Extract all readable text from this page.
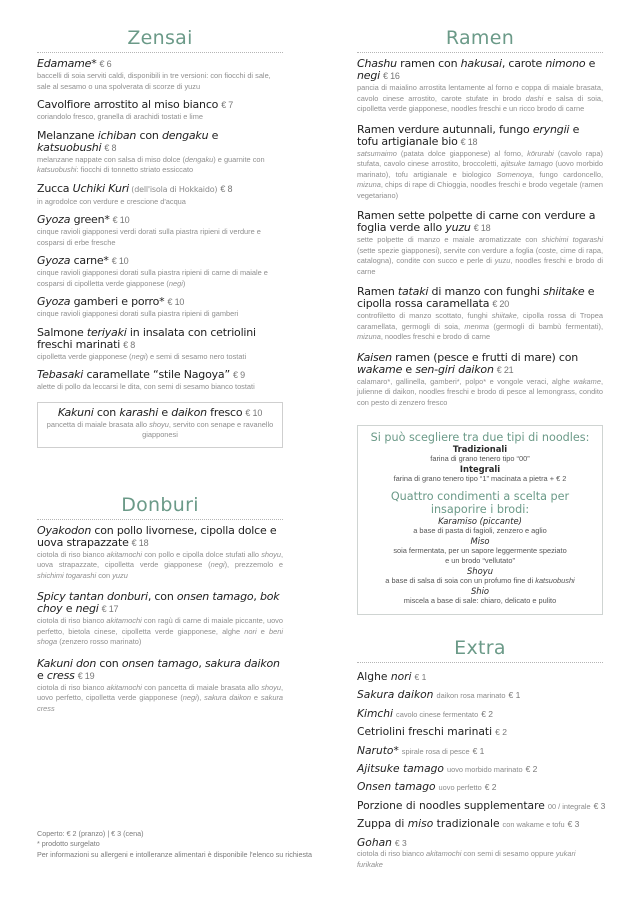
Zensai
Edamame* € 6
baccelli di soia serviti caldi, disponibili in tre versioni: con fiocchi di sale, sale al sesamo o una spolverata di scorze di yuzu
Cavolfiore arrostito al miso bianco € 7
coriandolo fresco, granella di arachidi tostati e lime
Melanzane ichiban con dengaku e katsuobushi € 8
melanzane nappate con salsa di miso dolce (dengaku) e guarnite con katsuobushi: fiocchi di tonnetto striato essiccato
Zucca Uchiki Kuri (dell'isola di Hokkaido) € 8
in agrodolce con verdure e crescione d'acqua
Gyoza green* € 10
cinque ravioli giapponesi verdi dorati sulla piastra ripieni di verdure e cosparsi di erbe fresche
Gyoza carne* € 10
cinque ravioli giapponesi dorati sulla piastra ripieni di carne di maiale e cosparsi di cipolletta verde giapponese (negi)
Gyoza gamberi e porro* € 10
cinque ravioli giapponesi dorati sulla piastra ripieni di gamberi
Salmone teriyaki in insalata con cetriolini freschi marinati € 8
cipolletta verde giapponese (negi) e semi di sesamo nero tostati
Tebasaki caramellate “stile Nagoya” € 9
alette di pollo da leccarsi le dita, con semi di sesamo bianco tostati
Kakuni con karashi e daikon fresco € 10
pancetta di maiale brasata allo shoyu, servito con senape e ravanello giapponesi
Donburi
Oyakodon con pollo livornese, cipolla dolce e uova strapazzate € 18
ciotola di riso bianco akitamochi con pollo e cipolla dolce stufati allo shoyu, uova strapazzate, cipolletta verde giapponese (negi), prezzemolo e shichimi togarashi con yuzu
Spicy tantan donburi, con onsen tamago, bok choy e negi € 17
ciotola di riso bianco akitamochi con ragù di carne di maiale piccante, uovo perfetto, bietola cinese, cipolletta verde giapponese, alghe nori e beni shoga (zenzero rosso marinato)
Kakuni don con onsen tamago, sakura daikon e cress € 19
ciotola di riso bianco akitamochi con pancetta di maiale brasata allo shoyu, uovo perfetto, cipolletta verde giapponese (negi), sakura daikon e sakura cress
Coperto: € 2 (pranzo) | € 3 (cena)
* prodotto surgelato
Per informazioni su allergeni e intolleranze alimentari è disponibile l'elenco su richiesta
Ramen
Chashu ramen con hakusai, carote nimono e negi € 16
pancia di maialino arrostita lentamente al forno e coppa di maiale brasata, cavolo cinese arrostito, carote stufate in brodo dashi e salsa di soia, cipolletta verde giapponese, noodles freschi e un ricco brodo di carne
Ramen verdure autunnali, fungo eryngii e tofu artigianale bio € 18
satsumaimo (patata dolce giapponese) al forno, kōrurabi (cavolo rapa) stufata, cavolo cinese arrostito, broccoletti, ajitsuke tamago (uovo morbido marinato), tofu artigianale e biologico Somenoya, fungo cardoncello, mizuna, chips di rape di Chioggia, noodles freschi e brodo vegetale (ramen vegetariano)
Ramen sette polpette di carne con verdure a foglia verde allo yuzu € 18
sette polpette di manzo e maiale aromatizzate con shichimi togarashi (sette spezie giapponesi), servite con verdure a foglia (coste, cime di rapa, catalogna), condite con succo e perle di yuzu, noodles freschi e brodo di carne
Ramen tataki di manzo con funghi shiitake e cipolla rossa caramellata € 20
controfiletto di manzo scottato, funghi shiitake, cipolla rossa di Tropea caramellata, germogli di soia, menma (germogli di bambù fermentati), mizuna, noodles freschi e brodo di carne
Kaisen ramen (pesce e frutti di mare) con wakame e sen-giri daikon € 21
calamaro*, gallinella, gamberi*, polpo* e vongole veraci, alghe wakame, julienne di daikon, noodles freschi e brodo di pesce al lemongrass, condito con pesto di zenzero fresco
Si può scegliere tra due tipi di noodles:
Tradizionali
farina di grano tenero tipo “00”
Integrali
farina di grano tenero tipo “1” macinata a pietra + € 2
Quattro condimenti a scelta per insaporire i brodi:
Karamiso (piccante)
a base di pasta di fagioli, zenzero e aglio
Miso
soia fermentata, per un sapore leggermente speziato
e un brodo “vellutato”
Shoyu
a base di salsa di soia con un profumo fine di katsuobushi
Shio
miscela a base di sale: chiaro, delicato e pulito
Extra
Alghe nori € 1
Sakura daikon daikon rosa marinato € 1
Kimchi cavolo cinese fermentato € 2
Cetriolini freschi marinati € 2
Naruto* spirale rosa di pesce € 1
Ajitsuke tamago uovo morbido marinato € 2
Onsen tamago uovo perfetto € 2
Porzione di noodles supplementare 00 / integrale € 3
Zuppa di miso tradizionale con wakame e tofu € 3
Gohan € 3
ciotola di riso bianco akitamochi con semi di sesamo oppure yukari furikake
